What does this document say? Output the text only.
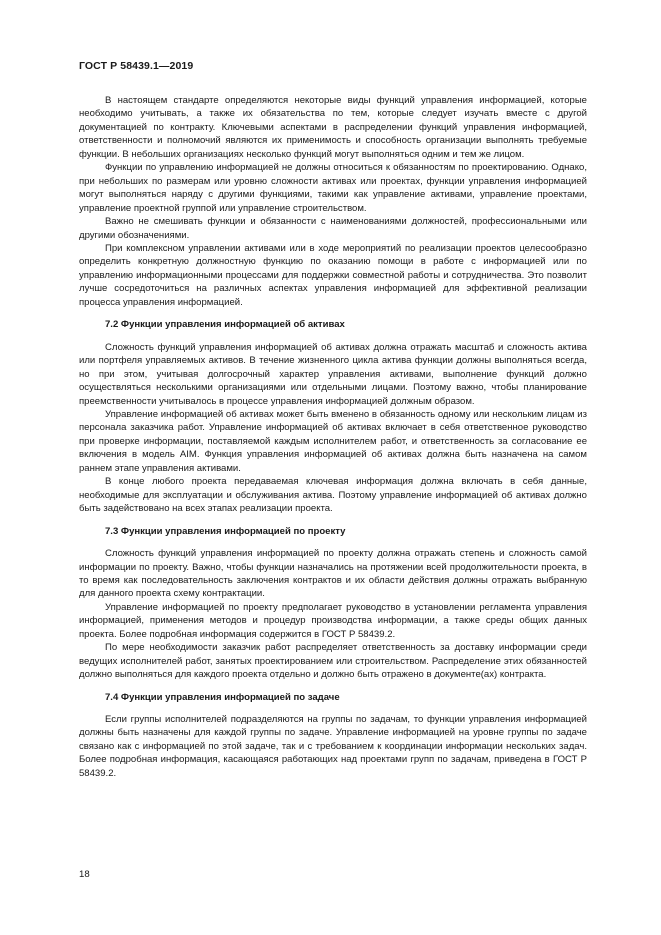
ГОСТ Р 58439.1—2019

В настоящем стандарте определяются некоторые виды функций управления информацией, которые необходимо учитывать, а также их обязательства по тем, которые следует изучать вместе с другой документацией по контракту. Ключевыми аспектами в распределении функций управления информацией, ответственности и полномочий являются их применимость и способность организации выполнять требуемые функции. В небольших организациях несколько функций могут выполняться одним и тем же лицом.

Функции по управлению информацией не должны относиться к обязанностям по проектированию. Однако, при небольших по размерам или уровню сложности активах или проектах, функции управления информацией могут выполняться наряду с другими функциями, такими как управление активами, управление проектами, управление проектной группой или управление строительством.

Важно не смешивать функции и обязанности с наименованиями должностей, профессиональными или другими обозначениями.

При комплексном управлении активами или в ходе мероприятий по реализации проектов целесообразно определить конкретную должностную функцию по оказанию помощи в работе с информацией или по управлению информационными процессами для поддержки совместной работы и сотрудничества. Это позволит лучше сосредоточиться на различных аспектах управления информацией для эффективной реализации процесса управления информацией.

7.2 Функции управления информацией об активах

Сложность функций управления информацией об активах должна отражать масштаб и сложность актива или портфеля управляемых активов. В течение жизненного цикла актива функции должны выполняться всегда, но при этом, учитывая долгосрочный характер управления активами, выполнение функций должно осуществляться несколькими организациями или отдельными лицами. Поэтому важно, чтобы планирование преемственности учитывалось в процессе управления информацией должным образом.

Управление информацией об активах может быть вменено в обязанность одному или нескольким лицам из персонала заказчика работ. Управление информацией об активах включает в себя ответственное руководство при проверке информации, поставляемой каждым исполнителем работ, и ответственность за согласование ее включения в модель AIM. Функция управления информацией об активах должна быть назначена на самом раннем этапе управления активами.

В конце любого проекта передаваемая ключевая информация должна включать в себя данные, необходимые для эксплуатации и обслуживания актива. Поэтому управление информацией об активах должно быть задействовано на всех этапах реализации проекта.

7.3 Функции управления информацией по проекту

Сложность функций управления информацией по проекту должна отражать степень и сложность самой информации по проекту. Важно, чтобы функции назначались на протяжении всей продолжительности проекта, в то время как последовательность заключения контрактов и их области действия должны отражать выбранную для данного проекта схему контрактации.

Управление информацией по проекту предполагает руководство в установлении регламента управления информацией, применения методов и процедур производства информации, а также среды общих данных проекта. Более подробная информация содержится в ГОСТ Р 58439.2.

По мере необходимости заказчик работ распределяет ответственность за доставку информации среди ведущих исполнителей работ, занятых проектированием или строительством. Распределение этих обязанностей должно выполняться для каждого проекта отдельно и должно быть отражено в документе(ах) контракта.

7.4 Функции управления информацией по задаче

Если группы исполнителей подразделяются на группы по задачам, то функции управления информацией должны быть назначены для каждой группы по задаче. Управление информацией на уровне группы по задаче связано как с информацией по этой задаче, так и с требованием к координации информации нескольких задач. Более подробная информация, касающаяся работающих над проектами групп по задачам, приведена в ГОСТ Р 58439.2.

18
